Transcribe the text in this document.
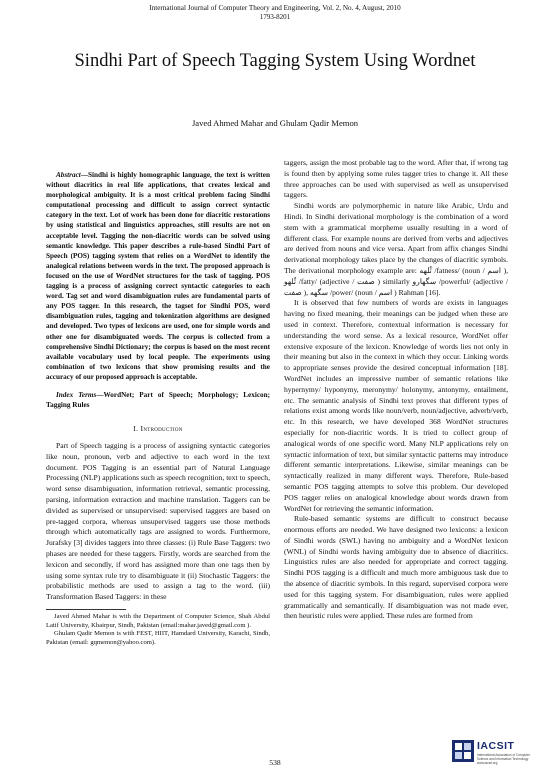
International Journal of Computer Theory and Engineering, Vol. 2, No. 4, August, 2010
1793-8201
Sindhi Part of Speech Tagging System Using Wordnet
Javed Ahmed Mahar and Ghulam Qadir Memon

Abstract—Sindhi is highly homographic language, the text is written without diacritics in real life applications, that creates lexical and morphological ambiguity. It is a most critical problem facing Sindhi computational processing and difficult to assign correct syntactic category in the text. Lot of work has been done for diacritic restorations by using statistical and linguistics approaches, still results are not on acceptable level. Tagging the non-diacritic words can be solved using semantic knowledge. This paper describes a rule-based Sindhi Part of Speech (POS) tagging system that relies on a WordNet to identify the analogical relations between words in the text. The proposed approach is focused on the use of WordNet structures for the task of tagging. POS tagging is a process of assigning correct syntactic categories to each word. Tag set and word disambiguation rules are fundamental parts of any POS tagger. In this research, the tagset for Sindhi POS, word disambiguation rules, tagging and tokenization algorithms are designed and developed. Two types of lexicons are used, one for simple words and other one for disambiguated words. The corpus is collected from a comprehensive Sindhi Dictionary; the corpus is based on the most recent available vocabulary used by local people. The experiments using combination of two lexicons that show promising results and the accuracy of our proposed approach is acceptable.

Index Terms—WordNet; Part of Speech; Morphology; Lexicon; Tagging Rules

I. Introduction

Part of Speech tagging is a process of assigning syntactic categories like noun, pronoun, verb and adjective to each word in the text document. POS Tagging is an essential part of Natural Language Processing (NLP) applications such as speech recognition, text to speech, word sense disambiguation, information retrieval, semantic processing, parsing, information extraction and machine translation. Taggers can be divided as supervised or unsupervised: supervised taggers are based on pre-tagged corpora, whereas unsupervised taggers use those methods through which automatically tags are assigned to words. Furthermore, Jurafsky [3] divides taggers into three classes: (i) Rule Base Taggers: two phases are needed for these taggers. Firstly, words are searched from the lexicon and secondly, if word has assigned more than one tags then by using some syntax rule try to disambiguate it (ii) Stochastic Taggers: the probabilistic methods are used to assign a tag to the word. (iii) Transformation Based Taggers: in these

Javed Ahmed Mahar is with the Department of Computer Science, Shah Abdul Latif University, Khairpur, Sindh, Pakistan (email:mahar.javed@gmail.com ).

Ghulam Qadir Memon is with FEST, HIIT, Hamdard University, Karachi, Sindh, Pakistan (email: gqmemon@yahoo.com).

taggers, assign the most probable tag to the word. After that, if wrong tag is found then by applying some rules tagger tries to change it. All these three approaches can be used with supervised as well as unsupervised taggers.

Sindhi words are polymorphemic in nature like Arabic, Urdu and Hindi. In Sindhi derivational morphology is the combination of a word stem with a grammatical morpheme usually resulting in a word of different class. For example nouns are derived from verbs and adjectives are derived from nouns and vice versa. Apart from affix changes Sindhi derivational morphology takes place by the changes of diacritic symbols. The derivational morphology example are: ٿُلهه /fatness/ (noun / اسم ), ٿُلهو /fatty/ (adjective / صفت ) similarly سگهارو /powerful/ (adjective / صفت ), سگهه /power/ (noun / اسم ) Rahman [16].

It is observed that few numbers of words are exists in languages having no fixed meaning, their meanings can be judged when these are used in context. Therefore, contextual information is necessary for understanding the word sense. As a lexical resource, WordNet offer extensive exposure of the lexicon. Knowledge of words lies not only in their meaning but also in the context in which they occur. Linking words to appropriate senses provide the desired conceptual information [18]. WordNet includes an impressive number of semantic relations like hypernymy/ hyponymy, meronymy/ holonymy, antonymy, entailment, etc. The semantic analysis of Sindhi text proves that different types of relations exist among words like noun/verb, noun/adjective, adverb/verb, etc. In this research, we have developed 368 WordNet structures especially for non-diacritic words. It is tried to collect group of analogical words of one specific word. Many NLP applications rely on syntactic information of text, but similar syntactic patterns may introduce different semantic interpretations. Likewise, similar meanings can be syntactically realized in many different ways. Therefore, Rule-based semantic POS tagging attempts to solve this problem. Our developed POS tagger relies on analogical knowledge about words drawn from WordNet for retrieving the semantic information.

Rule-based semantic systems are difficult to construct because enormous efforts are needed. We have designed two lexicons: a lexicon of Sindhi words (SWL) having no ambiguity and a WordNet lexicon (WNL) of Sindhi words having ambiguity due to absence of diacritics. Linguistics rules are also needed for appropriate and correct tagging. Sindhi POS tagging is a difficult and much more ambiguous task due to the absence of diacritic symbols. In this regard, supervised corpora were used for this tagging system. For disambiguation, rules were applied grammatically and semantically. If disambiguation was not made ever, then heuristic rules were applied. These rules are formed from

538
IACSIT
International Association of Computer Science and Information Technology www.iacsit.org
